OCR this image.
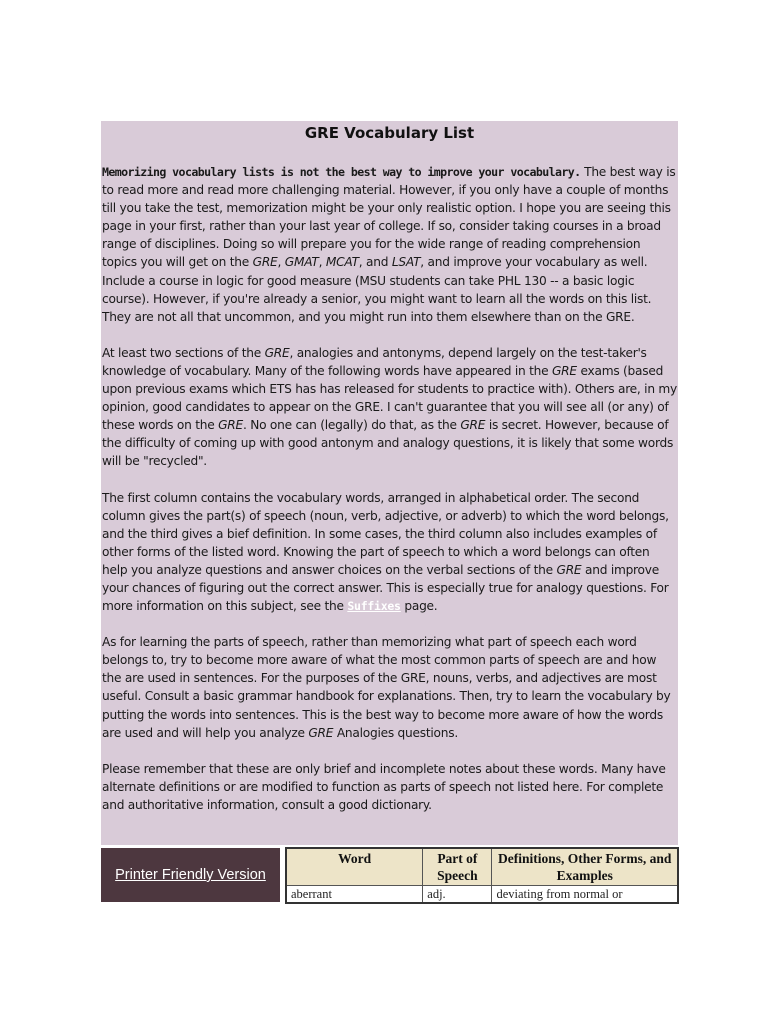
GRE Vocabulary List

Memorizing vocabulary lists is not the best way to improve your vocabulary. The best way is to read more and read more challenging material. However, if you only have a couple of months till you take the test, memorization might be your only realistic option. I hope you are seeing this page in your first, rather than your last year of college. If so, consider taking courses in a broad range of disciplines. Doing so will prepare you for the wide range of reading comprehension topics you will get on the GRE, GMAT, MCAT, and LSAT, and improve your vocabulary as well. Include a course in logic for good measure (MSU students can take PHL 130 -- a basic logic course). However, if you're already a senior, you might want to learn all the words on this list. They are not all that uncommon, and you might run into them elsewhere than on the GRE.

At least two sections of the GRE, analogies and antonyms, depend largely on the test-taker's knowledge of vocabulary. Many of the following words have appeared in the GRE exams (based upon previous exams which ETS has has released for students to practice with). Others are, in my opinion, good candidates to appear on the GRE. I can't guarantee that you will see all (or any) of these words on the GRE. No one can (legally) do that, as the GRE is secret. However, because of the difficulty of coming up with good antonym and analogy questions, it is likely that some words will be "recycled".

The first column contains the vocabulary words, arranged in alphabetical order. The second column gives the part(s) of speech (noun, verb, adjective, or adverb) to which the word belongs, and the third gives a bief definition. In some cases, the third column also includes examples of other forms of the listed word. Knowing the part of speech to which a word belongs can often help you analyze questions and answer choices on the verbal sections of the GRE and improve your chances of figuring out the correct answer. This is especially true for analogy questions. For more information on this subject, see the Suffixes page.

As for learning the parts of speech, rather than memorizing what part of speech each word belongs to, try to become more aware of what the most common parts of speech are and how the are used in sentences. For the purposes of the GRE, nouns, verbs, and adjectives are most useful. Consult a basic grammar handbook for explanations. Then, try to learn the vocabulary by putting the words into sentences. This is the best way to become more aware of how the words are used and will help you analyze GRE Analogies questions.

Please remember that these are only brief and incomplete notes about these words. Many have alternate definitions or are modified to function as parts of speech not listed here. For complete and authoritative information, consult a good dictionary.

Printer Friendly Version
Word	Part of Speech	Definitions, Other Forms, and Examples
aberrant	adj.	deviating from normal or
